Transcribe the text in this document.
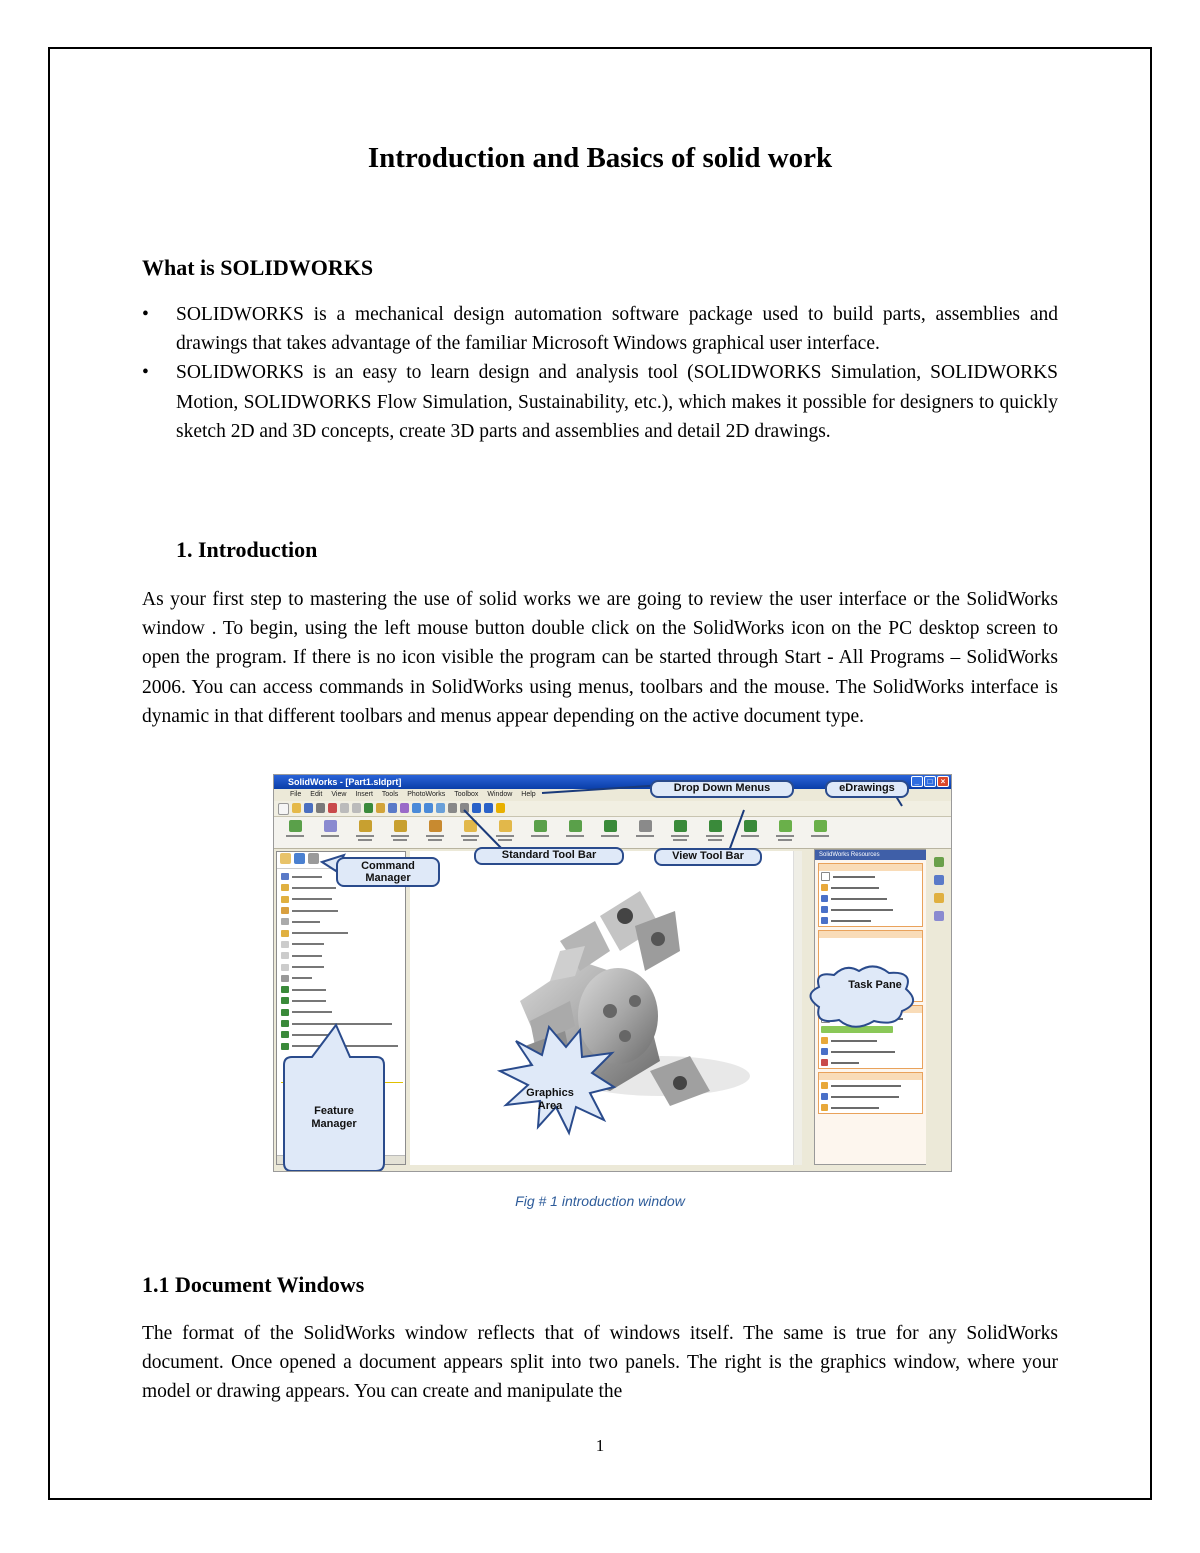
Introduction and Basics of solid work
What is SOLIDWORKS
• SOLIDWORKS is a mechanical design automation software package used to build parts, assemblies and drawings that takes advantage of the familiar Microsoft Windows graphical user interface.
• SOLIDWORKS is an easy to learn design and analysis tool (SOLIDWORKS Simulation, SOLIDWORKS Motion, SOLIDWORKS Flow Simulation, Sustainability, etc.), which makes it possible for designers to quickly sketch 2D and 3D concepts, create 3D parts and assemblies and detail 2D drawings.
1. Introduction
As your first step to mastering the use of solid works we are going to review the user interface or the SolidWorks window . To begin, using the left mouse button double click on the SolidWorks icon on the PC desktop screen to open the program. If there is no icon visible the program can be started through Start - All Programs – SolidWorks 2006. You can access commands in SolidWorks using menus, toolbars and the mouse. The SolidWorks interface is dynamic in that different toolbars and menus appear depending on the active document type.
SolidWorks - [Part1.sldprt]	_	□	×
File Edit View Insert Tools PhotoWorks Toolbox Window Help
SolidWorks Resources
Drop Down Menus	eDrawings
Standard Tool Bar	View Tool Bar
Command Manager
Task Pane
Feature Manager
Graphics Area
Fig # 1 introduction window
1.1 Document Windows
The format of the SolidWorks window reflects that of windows itself. The same is true for any SolidWorks document. Once opened a document appears split into two panels. The right is the graphics window, where your model or drawing appears. You can create and manipulate the
1
